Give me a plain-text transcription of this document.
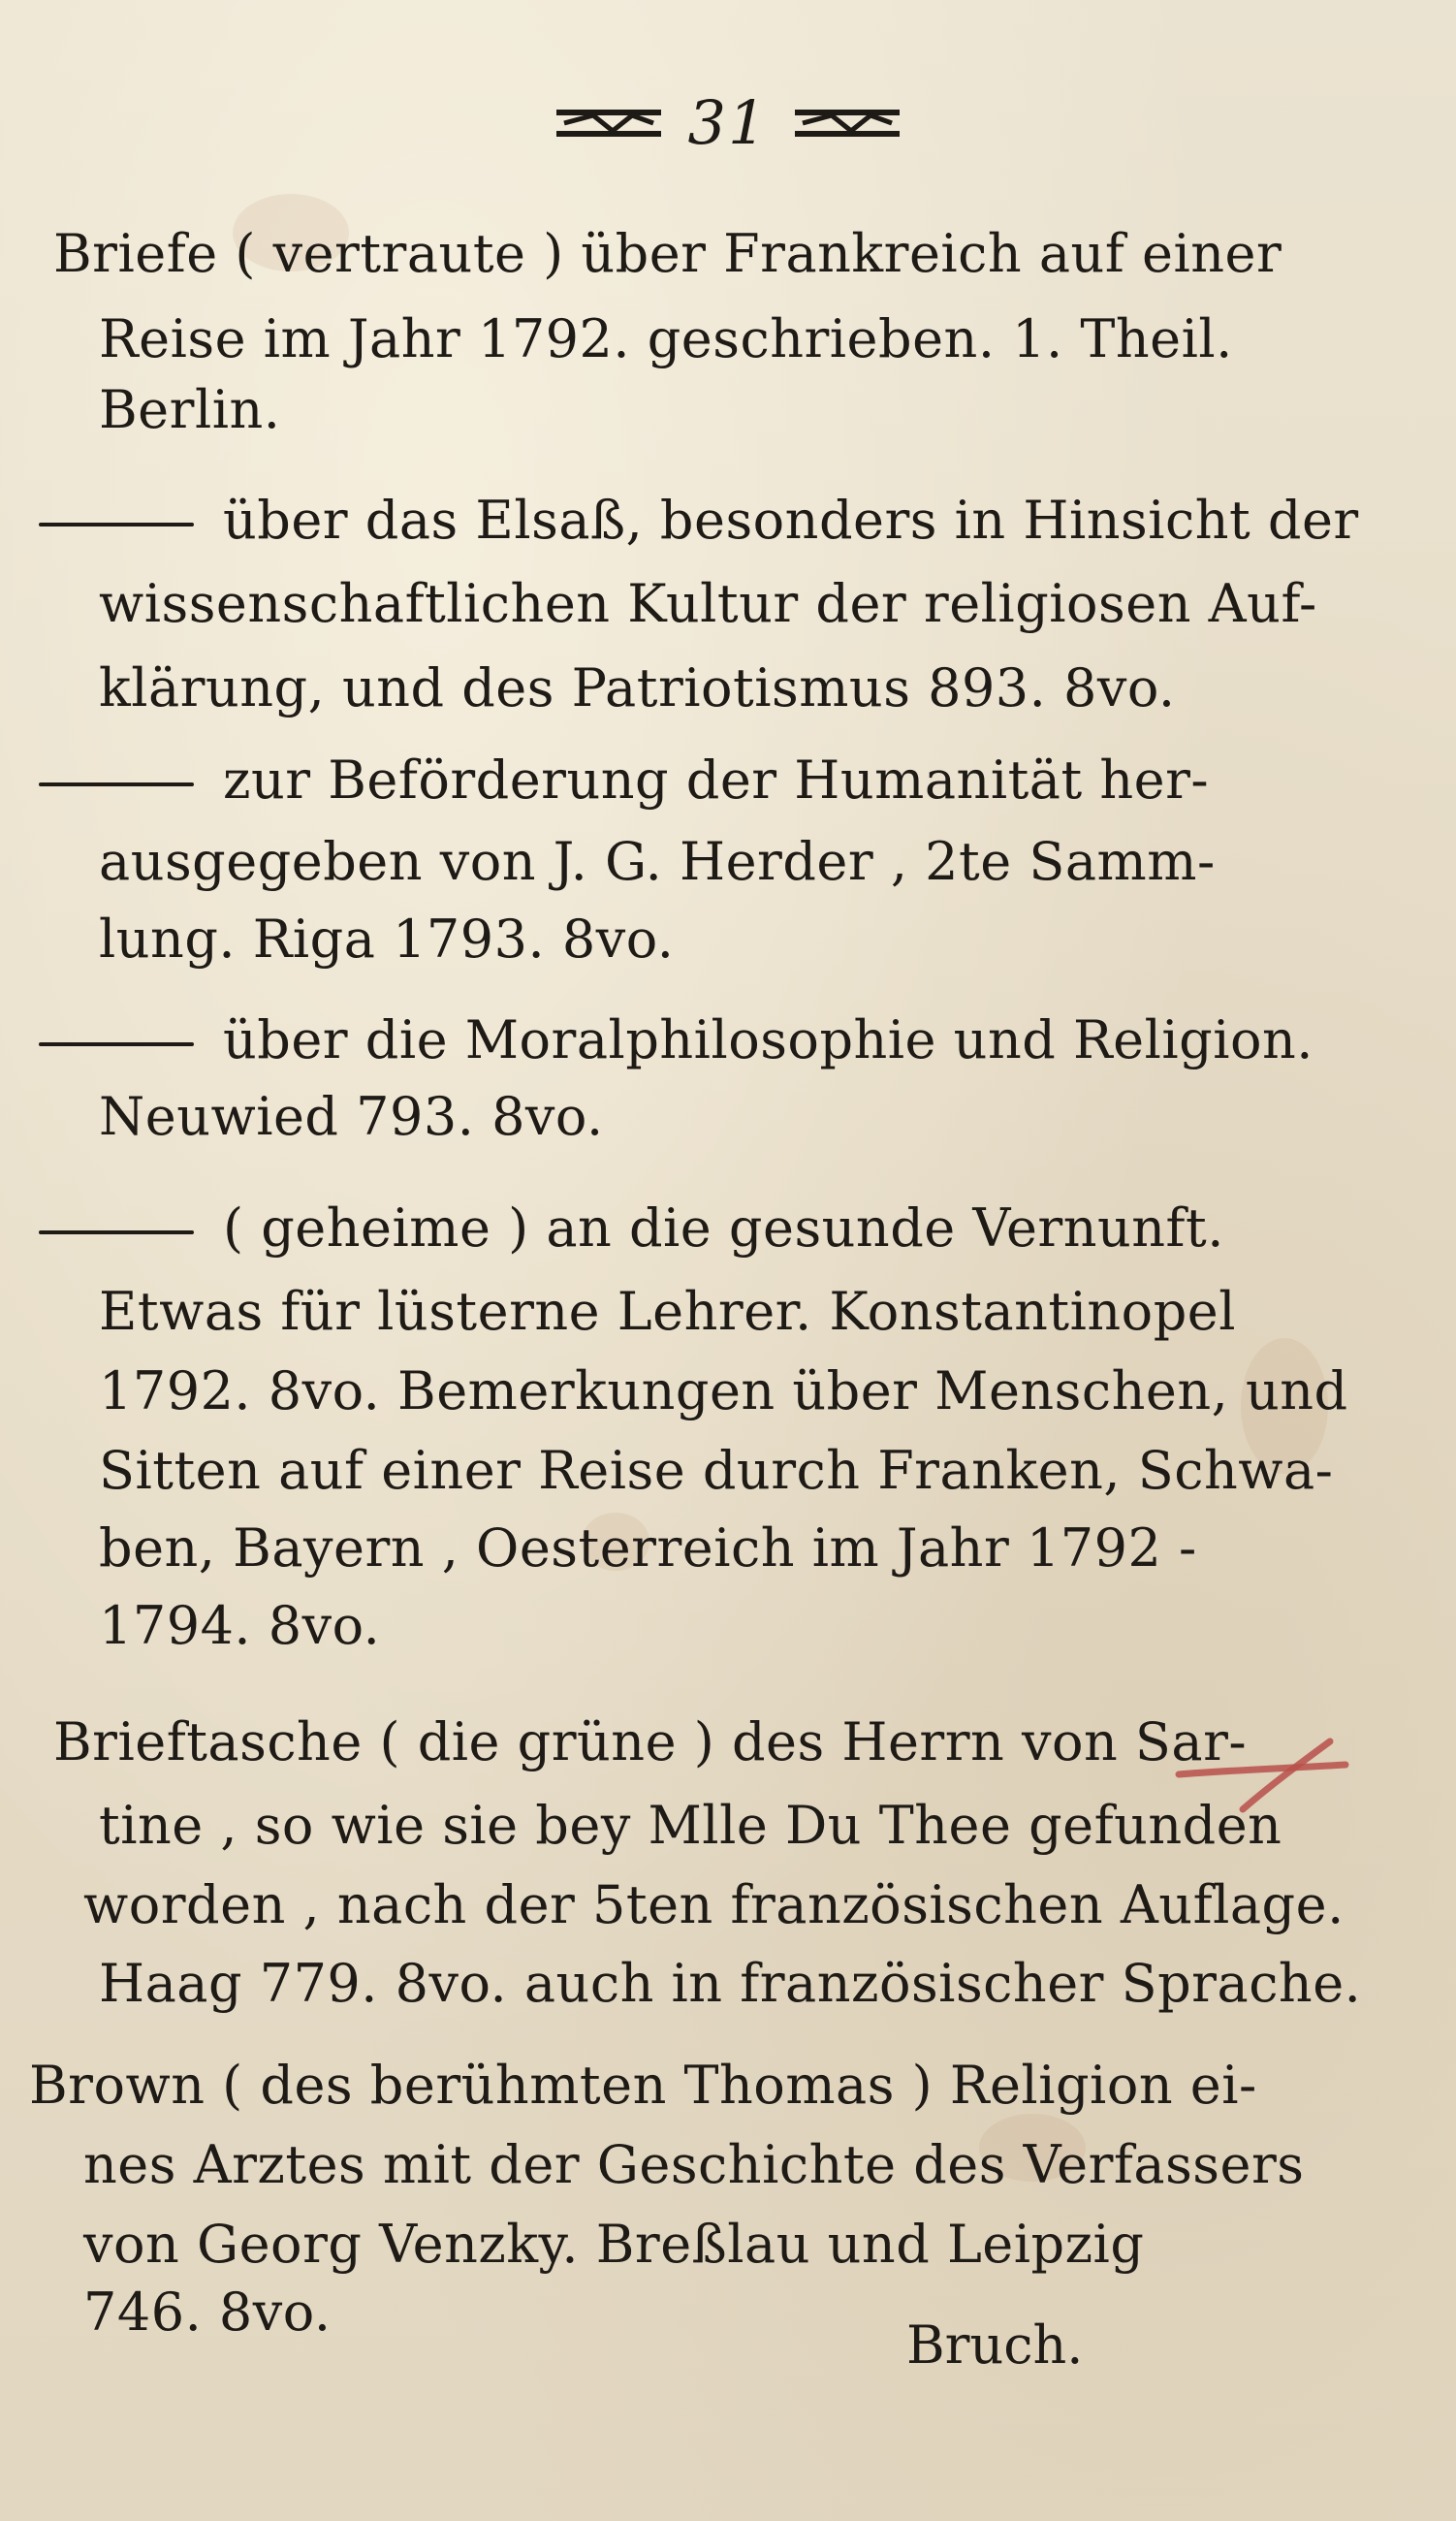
31
Briefe ( vertraute ) über Frankreich auf einer
Reise im Jahr 1792. geschrieben. 1. Theil.
Berlin.
über das Elsaß, besonders in Hinsicht der
wissenschaftlichen Kultur der religiosen Auf-
klärung, und des Patriotismus 893. 8vo.
zur Beförderung der Humanität her-
ausgegeben von J. G. Herder , 2te Samm-
lung. Riga 1793. 8vo.
über die Moralphilosophie und Religion.
Neuwied 793. 8vo.
( geheime ) an die gesunde Vernunft.
Etwas für lüsterne Lehrer. Konstantinopel
1792. 8vo. Bemerkungen über Menschen, und
Sitten auf einer Reise durch Franken, Schwa-
ben, Bayern , Oesterreich im Jahr 1792 -
1794. 8vo.
Brieftasche ( die grüne ) des Herrn von Sar-
tine , so wie sie bey Mlle Du Thee gefunden
worden , nach der 5ten französischen Auflage.
Haag 779. 8vo. auch in französischer Sprache.
Brown ( des berühmten Thomas ) Religion ei-
nes Arztes mit der Geschichte des Verfassers
von Georg Venzky. Breßlau und Leipzig
746. 8vo.
Bruch.
